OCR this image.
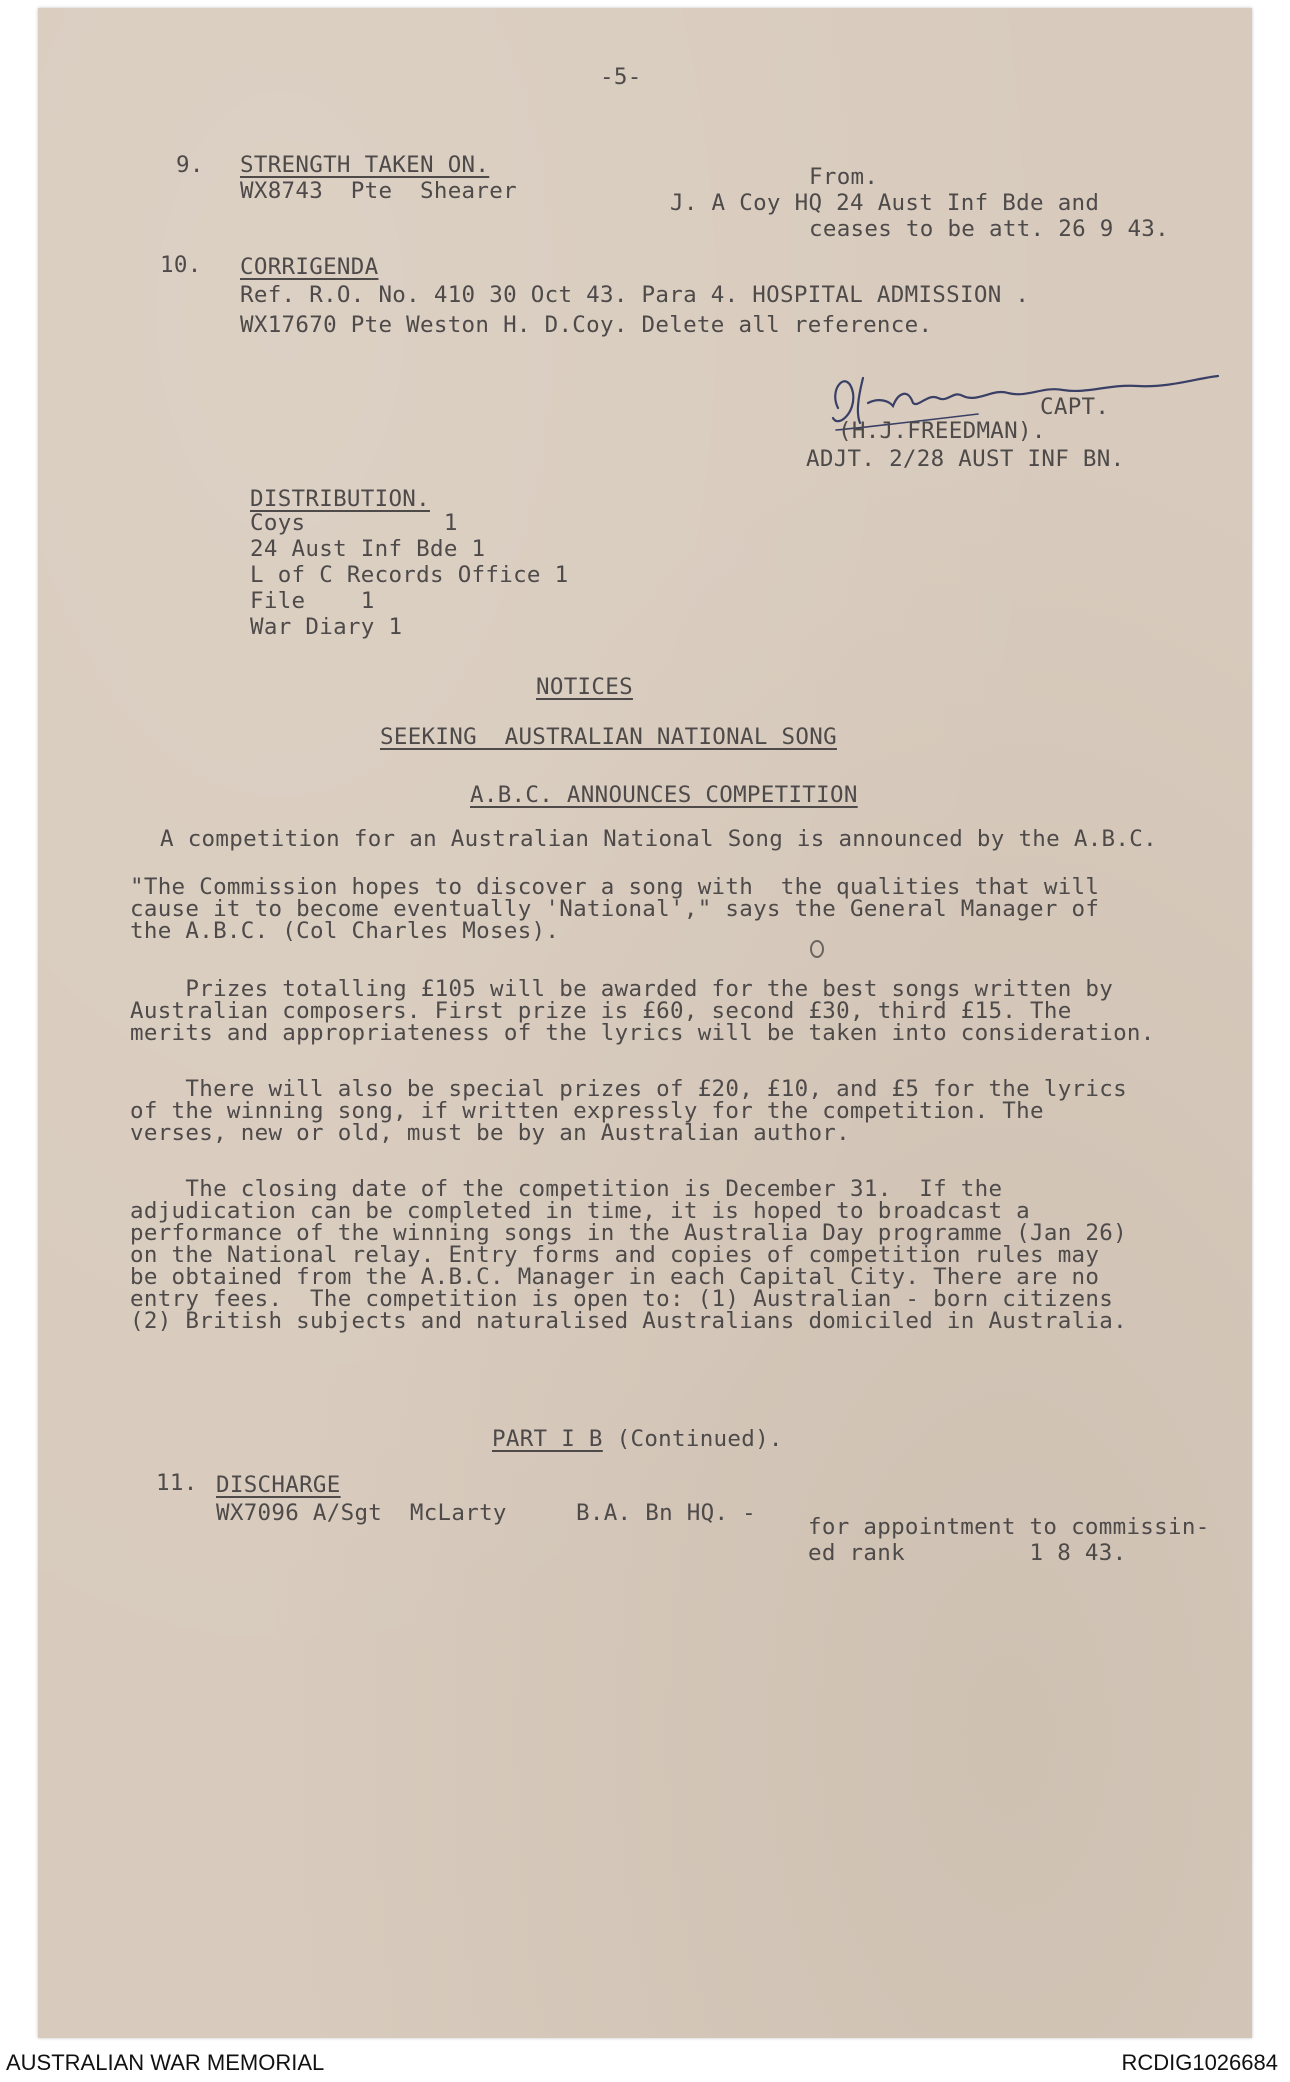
-5-
9. STRENGTH TAKEN ON.
WX8743  Pte  Shearer
From.
J. A Coy HQ 24 Aust Inf Bde and
ceases to be att. 26 9 43.
10. CORRIGENDA
Ref. R.O. No. 410 30 Oct 43. Para 4. HOSPITAL ADMISSION .
WX17670 Pte Weston H. D.Coy. Delete all reference.
CAPT.
(H.J.FREEDMAN).
ADJT. 2/28 AUST INF BN.
DISTRIBUTION.
Coys          1
24 Aust Inf Bde 1
L of C Records Office 1
File    1
War Diary 1
NOTICES
SEEKING  AUSTRALIAN NATIONAL SONG
A.B.C. ANNOUNCES COMPETITION
A competition for an Australian National Song is announced by the A.B.C.
"The Commission hopes to discover a song with  the qualities that will
cause it to become eventually 'National'," says the General Manager of
the A.B.C. (Col Charles Moses).
Prizes totalling £105 will be awarded for the best songs written by
Australian composers. First prize is £60, second £30, third £15. The
merits and appropriateness of the lyrics will be taken into consideration.
There will also be special prizes of £20, £10, and £5 for the lyrics
of the winning song, if written expressly for the competition. The
verses, new or old, must be by an Australian author.
The closing date of the competition is December 31.  If the
adjudication can be completed in time, it is hoped to broadcast a
performance of the winning songs in the Australia Day programme (Jan 26)
on the National relay. Entry forms and copies of competition rules may
be obtained from the A.B.C. Manager in each Capital City. There are no
entry fees.  The competition is open to: (1) Australian - born citizens
(2) British subjects and naturalised Australians domiciled in Australia.
PART I B (Continued).
11. DISCHARGE
WX7096 A/Sgt  McLarty     B.A. Bn HQ. -
for appointment to commissin-
ed rank         1 8 43.
AUSTRALIAN WAR MEMORIAL	RCDIG1026684
